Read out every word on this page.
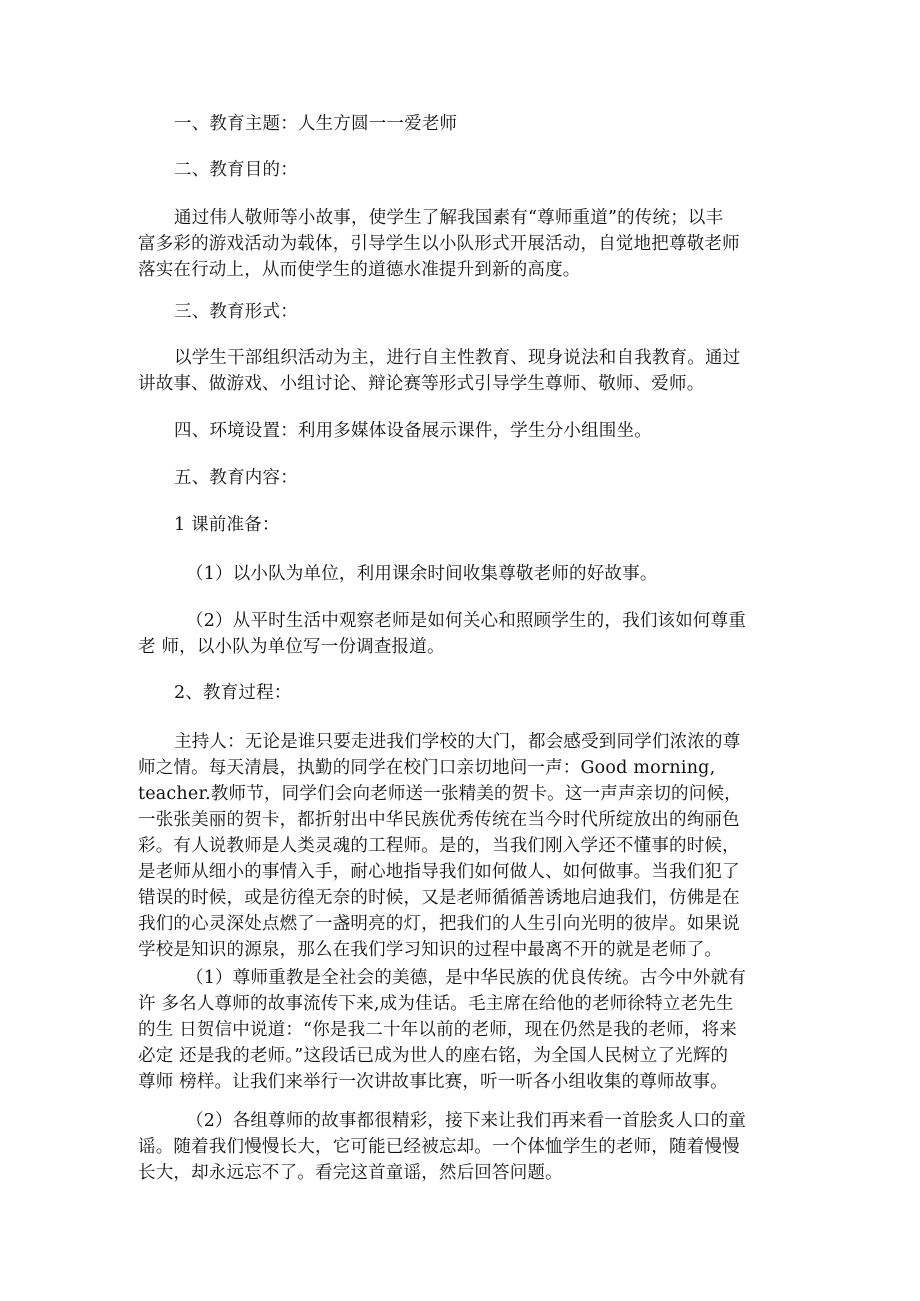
一、教育主题：人生方圆一一爱老师
二、教育目的：
通过伟人敬师等小故事，使学生了解我国素有“尊师重道”的传统；以丰
富多彩的游戏活动为载体，引导学生以小队形式开展活动，自觉地把尊敬老师
落实在行动上，从而使学生的道德水准提升到新的高度。
三、教育形式：
以学生干部组织活动为主，进行自主性教育、现身说法和自我教育。通过
讲故事、做游戏、小组讨论、辩论赛等形式引导学生尊师、敬师、爱师。
四、环境设置：利用多媒体设备展示课件，学生分小组围坐。
五、教育内容：
1 课前准备：
（1）以小队为单位，利用课余时间收集尊敬老师的好故事。
（2）从平时生活中观察老师是如何关心和照顾学生的，我们该如何尊重
老 师，以小队为单位写一份调查报道。
2、教育过程：
主持人：无论是谁只要走进我们学校的大门，都会感受到同学们浓浓的尊
师之情。每天清晨，执勤的同学在校门口亲切地问一声：Good morning,
teacher.教师节，同学们会向老师送一张精美的贺卡。这一声声亲切的问候，
一张张美丽的贺卡，都折射出中华民族优秀传统在当今时代所绽放出的绚丽色
彩。有人说教师是人类灵魂的工程师。是的，当我们刚入学还不懂事的时候，
是老师从细小的事情入手，耐心地指导我们如何做人、如何做事。当我们犯了
错误的时候，或是彷徨无奈的时候，又是老师循循善诱地启迪我们，仿佛是在
我们的心灵深处点燃了一盏明亮的灯，把我们的人生引向光明的彼岸。如果说
学校是知识的源泉，那么在我们学习知识的过程中最离不开的就是老师了。
（1）尊师重教是全社会的美德，是中华民族的优良传统。古今中外就有
许 多名人尊师的故事流传下来,成为佳话。毛主席在给他的老师徐特立老先生
的生 日贺信中说道：“你是我二十年以前的老师，现在仍然是我的老师，将来
必定 还是我的老师。”这段话已成为世人的座右铭，为全国人民树立了光辉的
尊师 榜样。让我们来举行一次讲故事比赛，听一听各小组收集的尊师故事。
（2）各组尊师的故事都很精彩，接下来让我们再来看一首脍炙人口的童
谣。随着我们慢慢长大，它可能已经被忘却。一个体恤学生的老师，随着慢慢
长大，却永远忘不了。看完这首童谣，然后回答问题。
